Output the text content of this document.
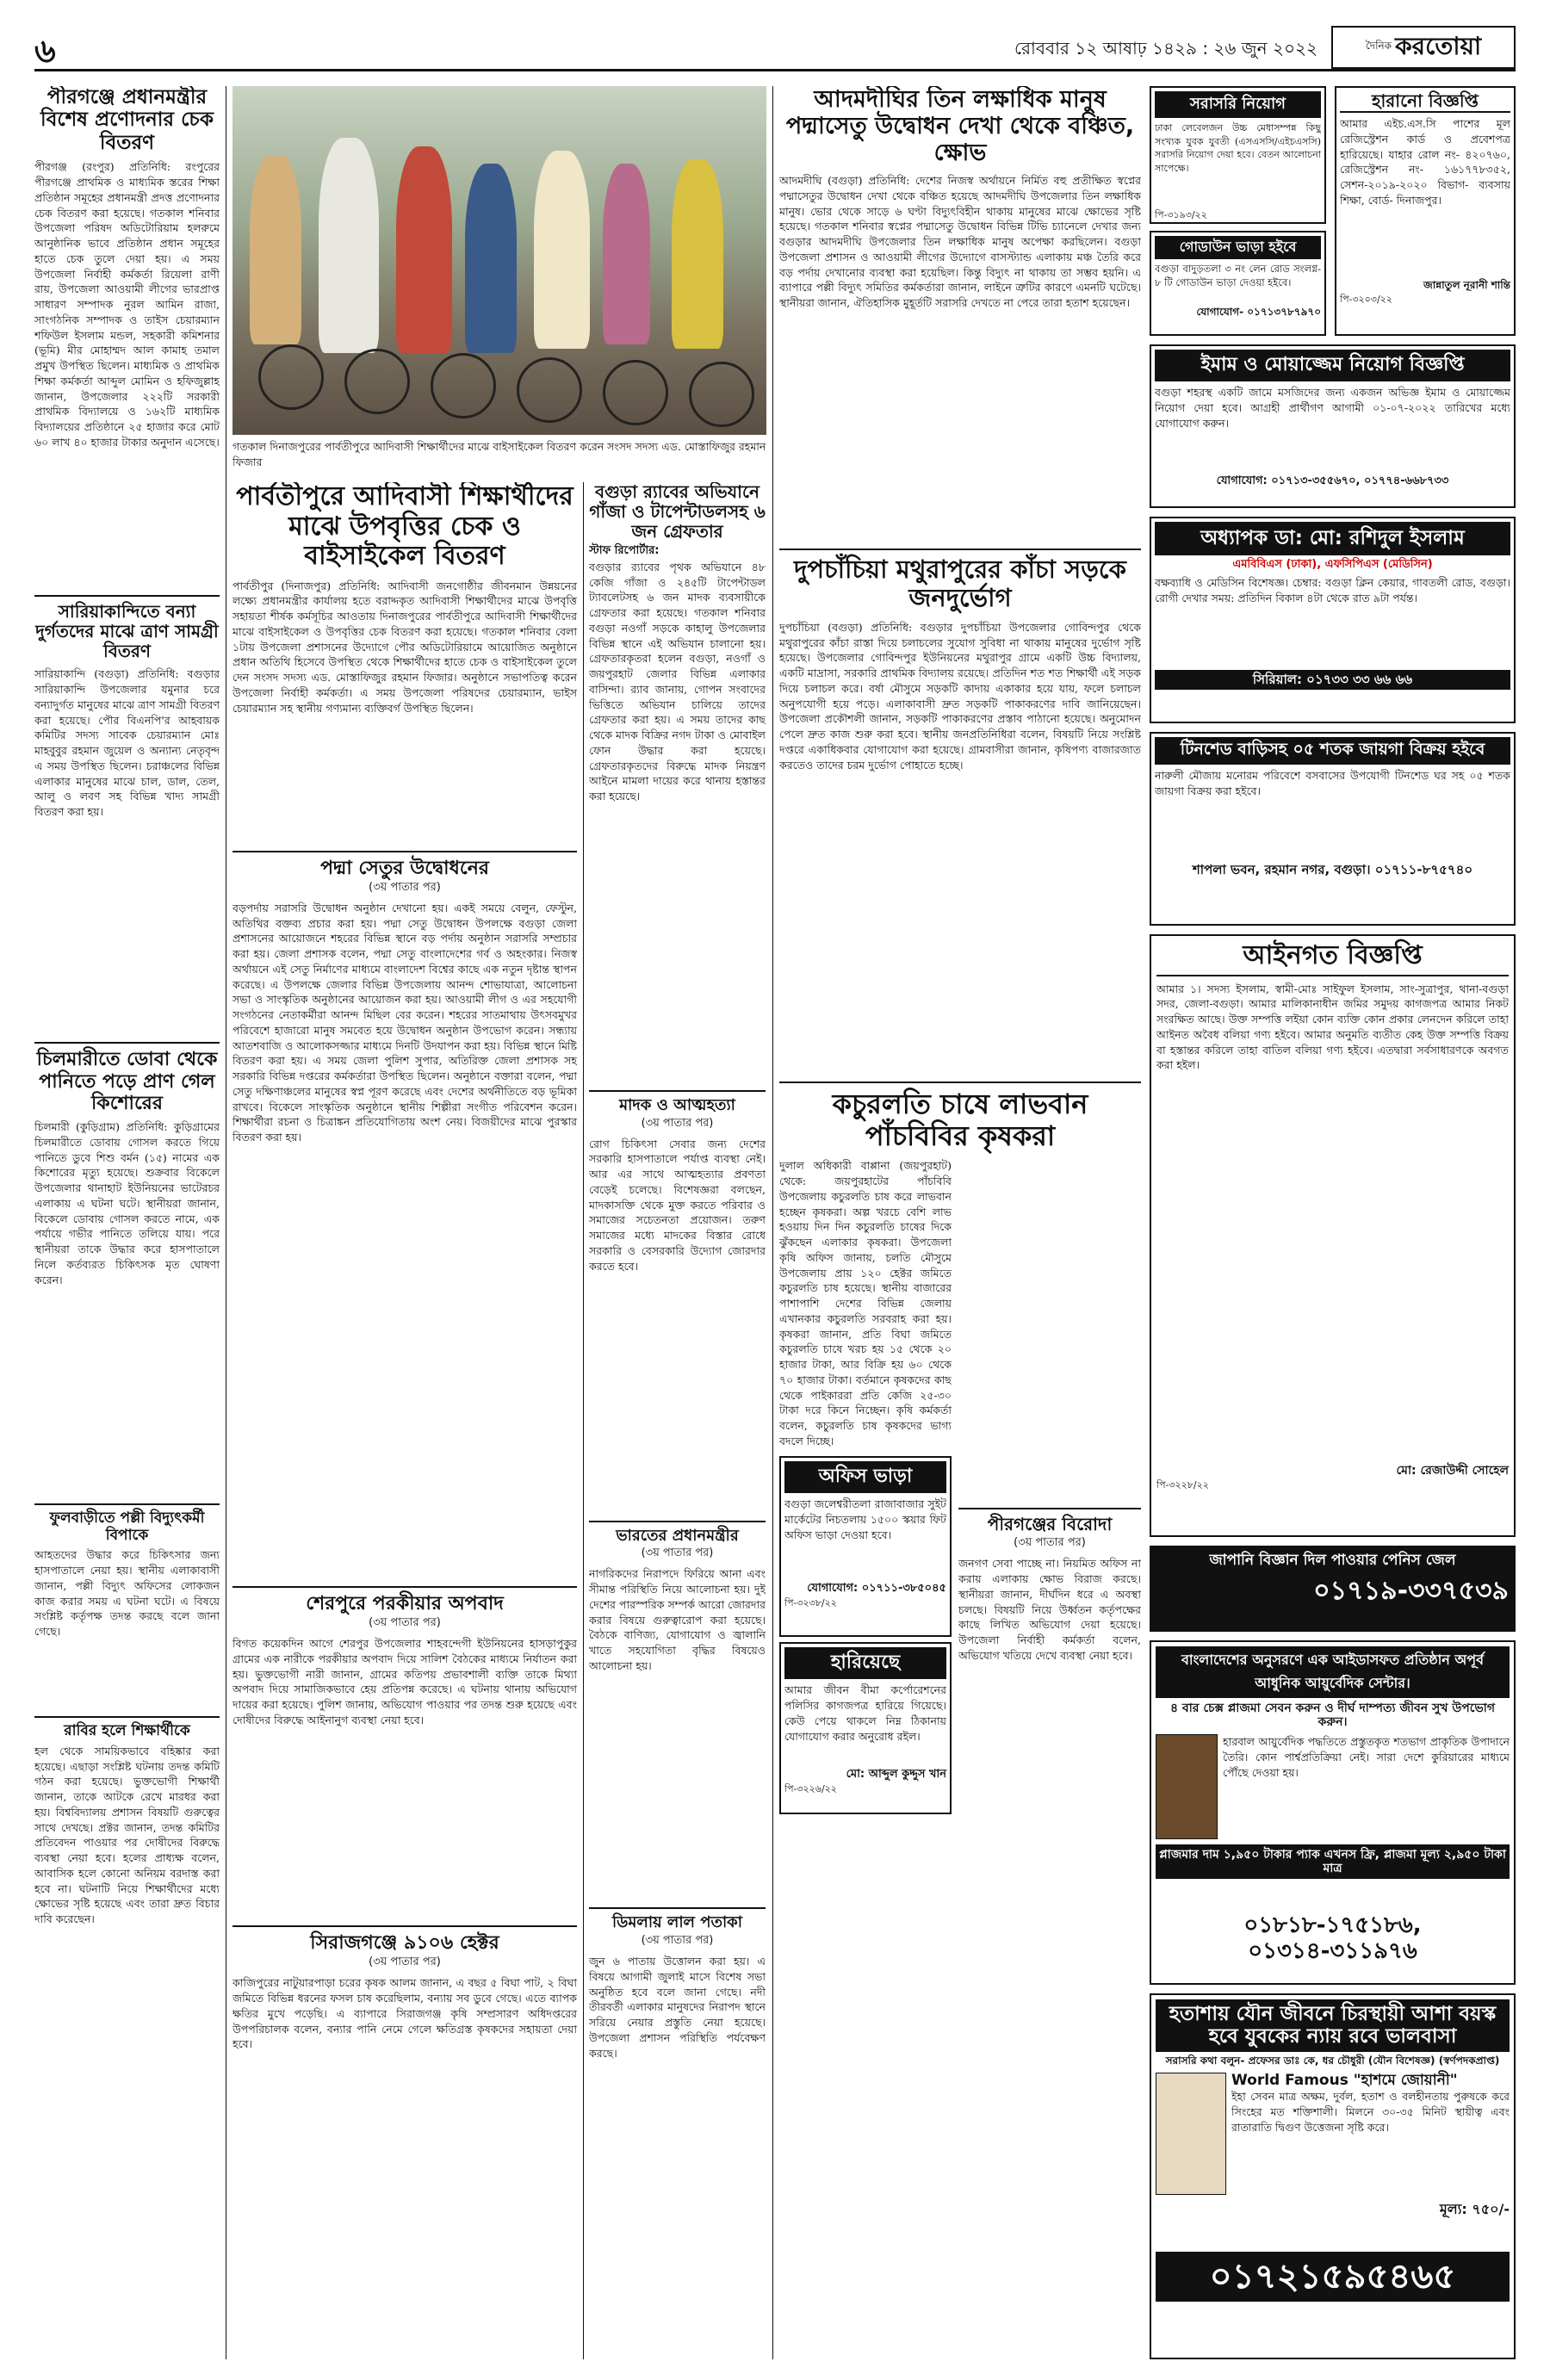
৬	রোববার ১২ আষাঢ় ১৪২৯ : ২৬ জুন ২০২২	দৈনিক করতোয়া
পীরগঞ্জে প্রধানমন্ত্রীর বিশেষ প্রণোদনার চেক বিতরণ
পীরগঞ্জ (রংপুর) প্রতিনিধি: রংপুরের পীরগঞ্জে প্রাথমিক ও মাধ্যমিক স্তরের শিক্ষা প্রতিষ্ঠান সমূহের প্রধানমন্ত্রী প্রদত্ত প্রণোদনার চেক বিতরণ করা হয়েছে। গতকাল শনিবার উপজেলা পরিষদ অডিটোরিয়াম হলরুমে আনুষ্ঠানিক ভাবে প্রতিষ্ঠান প্রধান সমূহের হাতে চেক তুলে দেয়া হয়। এ সময় উপজেলা নির্বাহী কর্মকর্তা রিয়েলা রাণী রায়, উপজেলা আওয়ামী লীগের ভারপ্রাপ্ত সাধারণ সম্পাদক নুরল আমিন রাজা, সাংগঠনিক সম্পাদক ও তাইস চেয়ারম্যান শফিউল ইসলাম মন্ডল, সহকারী কমিশনার (ভূমি) মীর মোহাম্মদ আল কামাহ তমাল প্রমুখ উপস্থিত ছিলেন। মাধ্যমিক ও প্রাথমিক শিক্ষা কর্মকর্তা আব্দুল মোমিন ও হফিজুল্লাহ জানান, উপজেলার ২২২টি সরকারী প্রাথমিক বিদ্যালয়ে ও ১৬২টি মাধ্যমিক বিদ্যালয়ের প্রতিষ্ঠানে ২৫ হাজার করে মোট ৬০ লাখ ৪০ হাজার টাকার অনুদান এসেছে।
সারিয়াকান্দিতে বন্যা দুর্গতদের মাঝে ত্রাণ সামগ্রী বিতরণ
সারিয়াকান্দি (বগুড়া) প্রতিনিধি: বগুড়ার সারিয়াকান্দি উপজেলার যমুনার চরে বন্যাদুর্গত মানুষের মাঝে ত্রাণ সামগ্রী বিতরণ করা হয়েছে। পৌর বিএনপি'র আহবায়ক কমিটির সদস্য সাবেক চেয়ারম্যান মোঃ মাহবুবুর রহমান জুয়েল ও অন্যান্য নেতৃবৃন্দ এ সময় উপস্থিত ছিলেন। চরাঞ্চলের বিভিন্ন এলাকার মানুষের মাঝে চাল, ডাল, তেল, আলু ও লবণ সহ বিভিন্ন খাদ্য সামগ্রী বিতরণ করা হয়।
চিলমারীতে ডোবা থেকে পানিতে পড়ে প্রাণ গেল কিশোরের
চিলমারী (কুড়িগ্রাম) প্রতিনিধি: কুড়িগ্রামের চিলমারীতে ডোবায় গোসল করতে গিয়ে পানিতে ডুবে শিশু বর্মন (১৫) নামের এক কিশোরের মৃত্যু হয়েছে। শুক্রবার বিকেলে উপজেলার থানাহাট ইউনিয়নের ভাটেরচর এলাকায় এ ঘটনা ঘটে। স্থানীয়রা জানান, বিকেলে ডোবায় গোসল করতে নামে, এক পর্যায়ে গভীর পানিতে তলিয়ে যায়। পরে স্থানীয়রা তাকে উদ্ধার করে হাসপাতালে নিলে কর্তব্যরত চিকিৎসক মৃত ঘোষণা করেন।
ফুলবাড়ীতে পল্লী বিদ্যুৎকর্মী বিপাকে
আহতদের উদ্ধার করে চিকিৎসার জন্য হাসপাতালে নেয়া হয়। স্থানীয় এলাকাবাসী জানান, পল্লী বিদ্যুৎ অফিসের লোকজন কাজ করার সময় এ ঘটনা ঘটে। এ বিষয়ে সংশ্লিষ্ট কর্তৃপক্ষ তদন্ত করছে বলে জানা গেছে।
রাবির হলে শিক্ষার্থীকে
হল থেকে সাময়িকভাবে বহিষ্কার করা হয়েছে। এছাড়া সংশ্লিষ্ট ঘটনায় তদন্ত কমিটি গঠন করা হয়েছে। ভুক্তভোগী শিক্ষার্থী জানান, তাকে আটকে রেখে মারধর করা হয়। বিশ্ববিদ্যালয় প্রশাসন বিষয়টি গুরুত্বের সাথে দেখছে। প্রক্টর জানান, তদন্ত কমিটির প্রতিবেদন পাওয়ার পর দোষীদের বিরুদ্ধে ব্যবস্থা নেয়া হবে। হলের প্রাধ্যক্ষ বলেন, আবাসিক হলে কোনো অনিয়ম বরদাস্ত করা হবে না। ঘটনাটি নিয়ে শিক্ষার্থীদের মধ্যে ক্ষোভের সৃষ্টি হয়েছে এবং তারা দ্রুত বিচার দাবি করেছেন।
গতকাল দিনাজপুরের পার্বতীপুরে আদিবাসী শিক্ষার্থীদের মাঝে বাইসাইকেল বিতরণ করেন সংসদ সদস্য এড. মোস্তাফিজুর রহমান ফিজার
পার্বতীপুরে আদিবাসী শিক্ষার্থীদের মাঝে উপবৃত্তির চেক ও বাইসাইকেল বিতরণ
পার্বতীপুর (দিনাজপুর) প্রতিনিধি: আদিবাসী জনগোষ্ঠীর জীবনমান উন্নয়নের লক্ষ্যে প্রধানমন্ত্রীর কার্যালয় হতে বরাদ্দকৃত আদিবাসী শিক্ষার্থীদের মাঝে উপবৃত্তি সহায়তা শীর্ষক কর্মসূচির আওতায় দিনাজপুরের পার্বতীপুরে আদিবাসী শিক্ষার্থীদের মাঝে বাইসাইকেল ও উপবৃত্তির চেক বিতরণ করা হয়েছে। গতকাল শনিবার বেলা ১টায় উপজেলা প্রশাসনের উদ্যোগে পৌর অডিটোরিয়ামে আয়োজিত অনুষ্ঠানে প্রধান অতিথি হিসেবে উপস্থিত থেকে শিক্ষার্থীদের হাতে চেক ও বাইসাইকেল তুলে দেন সংসদ সদস্য এড. মোস্তাফিজুর রহমান ফিজার। অনুষ্ঠানে সভাপতিত্ব করেন উপজেলা নির্বাহী কর্মকর্তা। এ সময় উপজেলা পরিষদের চেয়ারম্যান, ভাইস চেয়ারম্যান সহ স্থানীয় গণ্যমান্য ব্যক্তিবর্গ উপস্থিত ছিলেন।
পদ্মা সেতুর উদ্বোধনের
(৩য় পাতার পর)
বড়পর্দায় সরাসরি উদ্বোধন অনুষ্ঠান দেখানো হয়। একই সময়ে বেলুন, ফেস্টুন, অতিথির বক্তব্য প্রচার করা হয়। পদ্মা সেতু উদ্বোধন উপলক্ষে বগুড়া জেলা প্রশাসনের আয়োজনে শহরের বিভিন্ন স্থানে বড় পর্দায় অনুষ্ঠান সরাসরি সম্প্রচার করা হয়। জেলা প্রশাসক বলেন, পদ্মা সেতু বাংলাদেশের গর্ব ও অহংকার। নিজস্ব অর্থায়নে এই সেতু নির্মাণের মাধ্যমে বাংলাদেশ বিশ্বের কাছে এক নতুন দৃষ্টান্ত স্থাপন করেছে। এ উপলক্ষে জেলার বিভিন্ন উপজেলায় আনন্দ শোভাযাত্রা, আলোচনা সভা ও সাংস্কৃতিক অনুষ্ঠানের আয়োজন করা হয়। আওয়ামী লীগ ও এর সহযোগী সংগঠনের নেতাকর্মীরা আনন্দ মিছিল বের করেন। শহরের সাতমাথায় উৎসবমুখর পরিবেশে হাজারো মানুষ সমবেত হয়ে উদ্বোধন অনুষ্ঠান উপভোগ করেন। সন্ধ্যায় আতশবাজি ও আলোকসজ্জার মাধ্যমে দিনটি উদযাপন করা হয়। বিভিন্ন স্থানে মিষ্টি বিতরণ করা হয়। এ সময় জেলা পুলিশ সুপার, অতিরিক্ত জেলা প্রশাসক সহ সরকারি বিভিন্ন দপ্তরের কর্মকর্তারা উপস্থিত ছিলেন। অনুষ্ঠানে বক্তারা বলেন, পদ্মা সেতু দক্ষিণাঞ্চলের মানুষের স্বপ্ন পূরণ করেছে এবং দেশের অর্থনীতিতে বড় ভূমিকা রাখবে। বিকেলে সাংস্কৃতিক অনুষ্ঠানে স্থানীয় শিল্পীরা সংগীত পরিবেশন করেন। শিক্ষার্থীরা রচনা ও চিত্রাঙ্কন প্রতিযোগিতায় অংশ নেয়। বিজয়ীদের মাঝে পুরস্কার বিতরণ করা হয়।
শেরপুরে পরকীয়ার অপবাদ
(৩য় পাতার পর)
বিগত কয়েকদিন আগে শেরপুর উপজেলার শাহবন্দেগী ইউনিয়নের হাসড়াপুকুর গ্রামের এক নারীকে পরকীয়ার অপবাদ দিয়ে সালিশ বৈঠকের মাধ্যমে নির্যাতন করা হয়। ভুক্তভোগী নারী জানান, গ্রামের কতিপয় প্রভাবশালী ব্যক্তি তাকে মিথ্যা অপবাদ দিয়ে সামাজিকভাবে হেয় প্রতিপন্ন করেছে। এ ঘটনায় থানায় অভিযোগ দায়ের করা হয়েছে। পুলিশ জানায়, অভিযোগ পাওয়ার পর তদন্ত শুরু হয়েছে এবং দোষীদের বিরুদ্ধে আইনানুগ ব্যবস্থা নেয়া হবে।
সিরাজগঞ্জে ৯১০৬ হেক্টর
(৩য় পাতার পর)
কাজিপুরের নাটুয়ারপাড়া চরের কৃষক আলম জানান, এ বছর ৫ বিঘা পাট, ২ বিঘা জমিতে বিভিন্ন ধরনের ফসল চাষ করেছিলাম, বন্যায় সব ডুবে গেছে। এতে ব্যাপক ক্ষতির মুখে পড়েছি। এ ব্যাপারে সিরাজগঞ্জ কৃষি সম্প্রসারণ অধিদপ্তরের উপপরিচালক বলেন, বন্যার পানি নেমে গেলে ক্ষতিগ্রস্ত কৃষকদের সহায়তা দেয়া হবে।
বগুড়া র‌্যাবের অভিযানে গাঁজা ও টাপেন্টাডলসহ ৬ জন গ্রেফতার
স্টাফ রিপোর্টার:
বগুড়ার র‌্যাবের পৃথক অভিযানে ৪৮ কেজি গাঁজা ও ২৪৫টি টাপেন্টাডল ট্যাবলেটসহ ৬ জন মাদক ব্যবসায়ীকে গ্রেফতার করা হয়েছে। গতকাল শনিবার বগুড়া নওগাঁ সড়কে কাহালু উপজেলার বিভিন্ন স্থানে এই অভিযান চালানো হয়। গ্রেফতারকৃতরা হলেন বগুড়া, নওগাঁ ও জয়পুরহাট জেলার বিভিন্ন এলাকার বাসিন্দা। র‌্যাব জানায়, গোপন সংবাদের ভিত্তিতে অভিযান চালিয়ে তাদের গ্রেফতার করা হয়। এ সময় তাদের কাছ থেকে মাদক বিক্রির নগদ টাকা ও মোবাইল ফোন উদ্ধার করা হয়েছে। গ্রেফতারকৃতদের বিরুদ্ধে মাদক নিয়ন্ত্রণ আইনে মামলা দায়ের করে থানায় হস্তান্তর করা হয়েছে।
মাদক ও আত্মহত্যা
(৩য় পাতার পর)
রোগ চিকিৎসা সেবার জন্য দেশের সরকারি হাসপাতালে পর্যাপ্ত ব্যবস্থা নেই। আর এর সাথে আত্মহত্যার প্রবণতা বেড়েই চলেছে। বিশেষজ্ঞরা বলছেন, মাদকাসক্তি থেকে মুক্ত করতে পরিবার ও সমাজের সচেতনতা প্রয়োজন। তরুণ সমাজের মধ্যে মাদকের বিস্তার রোধে সরকারি ও বেসরকারি উদ্যোগ জোরদার করতে হবে।
ভারতের প্রধানমন্ত্রীর
(৩য় পাতার পর)
নাগরিকদের নিরাপদে ফিরিয়ে আনা এবং সীমান্ত পরিস্থিতি নিয়ে আলোচনা হয়। দুই দেশের পারস্পরিক সম্পর্ক আরো জোরদার করার বিষয়ে গুরুত্বারোপ করা হয়েছে। বৈঠকে বাণিজ্য, যোগাযোগ ও জ্বালানি খাতে সহযোগিতা বৃদ্ধির বিষয়েও আলোচনা হয়।
ডিমলায় লাল পতাকা
(৩য় পাতার পর)
জুন ৬ পাতায় উত্তোলন করা হয়। এ বিষয়ে আগামী জুলাই মাসে বিশেষ সভা অনুষ্ঠিত হবে বলে জানা গেছে। নদী তীরবর্তী এলাকার মানুষদের নিরাপদ স্থানে সরিয়ে নেয়ার প্রস্তুতি নেয়া হয়েছে। উপজেলা প্রশাসন পরিস্থিতি পর্যবেক্ষণ করছে।
আদমদীঘির তিন লক্ষাধিক মানুষ পদ্মাসেতু উদ্বোধন দেখা থেকে বঞ্চিত, ক্ষোভ
আদমদীঘি (বগুড়া) প্রতিনিধি: দেশের নিজস্ব অর্থায়নে নির্মিত বহু প্রতীক্ষিত স্বপ্নের পদ্মাসেতুর উদ্বোধন দেখা থেকে বঞ্চিত হয়েছে আদমদীঘি উপজেলার তিন লক্ষাধিক মানুষ। ভোর থেকে সাড়ে ৬ ঘণ্টা বিদ্যুৎবিহীন থাকায় মানুষের মাঝে ক্ষোভের সৃষ্টি হয়েছে। গতকাল শনিবার স্বপ্নের পদ্মাসেতু উদ্বোধন বিভিন্ন টিভি চ্যানেলে দেখার জন্য বগুড়ার আদমদীঘি উপজেলার তিন লক্ষাধিক মানুষ অপেক্ষা করছিলেন। বগুড়া উপজেলা প্রশাসন ও আওয়ামী লীগের উদ্যোগে বাসস্ট্যান্ড এলাকায় মঞ্চ তৈরি করে বড় পর্দায় দেখানোর ব্যবস্থা করা হয়েছিল। কিন্তু বিদ্যুৎ না থাকায় তা সম্ভব হয়নি। এ ব্যাপারে পল্লী বিদ্যুৎ সমিতির কর্মকর্তারা জানান, লাইনে ত্রুটির কারণে এমনটি ঘটেছে। স্থানীয়রা জানান, ঐতিহাসিক মুহূর্তটি সরাসরি দেখতে না পেরে তারা হতাশ হয়েছেন।
দুপচাঁচিয়া মথুরাপুরের কাঁচা সড়কে জনদুর্ভোগ
দুপচাঁচিয়া (বগুড়া) প্রতিনিধি: বগুড়ার দুপচাঁচিয়া উপজেলার গোবিন্দপুর থেকে মথুরাপুরের কাঁচা রাস্তা দিয়ে চলাচলের সুযোগ সুবিধা না থাকায় মানুষের দুর্ভোগ সৃষ্টি হয়েছে। উপজেলার গোবিন্দপুর ইউনিয়নের মথুরাপুর গ্রামে একটি উচ্চ বিদ্যালয়, একটি মাদ্রাসা, সরকারি প্রাথমিক বিদ্যালয় রয়েছে। প্রতিদিন শত শত শিক্ষার্থী এই সড়ক দিয়ে চলাচল করে। বর্ষা মৌসুমে সড়কটি কাদায় একাকার হয়ে যায়, ফলে চলাচল অনুপযোগী হয়ে পড়ে। এলাকাবাসী দ্রুত সড়কটি পাকাকরণের দাবি জানিয়েছেন। উপজেলা প্রকৌশলী জানান, সড়কটি পাকাকরণের প্রস্তাব পাঠানো হয়েছে। অনুমোদন পেলে দ্রুত কাজ শুরু করা হবে। স্থানীয় জনপ্রতিনিধিরা বলেন, বিষয়টি নিয়ে সংশ্লিষ্ট দপ্তরে একাধিকবার যোগাযোগ করা হয়েছে। গ্রামবাসীরা জানান, কৃষিপণ্য বাজারজাত করতেও তাদের চরম দুর্ভোগ পোহাতে হচ্ছে।
কচুরলতি চাষে লাভবান পাঁচবিবির কৃষকরা
দুলাল অধিকারী বাপ্পানা (জয়পুরহাট) থেকে: জয়পুরহাটের পাঁচবিবি উপজেলায় কচুরলতি চাষ করে লাভবান হচ্ছেন কৃষকরা। অল্প খরচে বেশি লাভ হওয়ায় দিন দিন কচুরলতি চাষের দিকে ঝুঁকছেন এলাকার কৃষকরা। উপজেলা কৃষি অফিস জানায়, চলতি মৌসুমে উপজেলায় প্রায় ১২০ হেক্টর জমিতে কচুরলতি চাষ হয়েছে। স্থানীয় বাজারের পাশাপাশি দেশের বিভিন্ন জেলায় এখানকার কচুরলতি সরবরাহ করা হয়। কৃষকরা জানান, প্রতি বিঘা জমিতে কচুরলতি চাষে খরচ হয় ১৫ থেকে ২০ হাজার টাকা, আর বিক্রি হয় ৬০ থেকে ৭০ হাজার টাকা। বর্তমানে কৃষকদের কাছ থেকে পাইকাররা প্রতি কেজি ২৫-৩০ টাকা দরে কিনে নিচ্ছেন। কৃষি কর্মকর্তা বলেন, কচুরলতি চাষ কৃষকদের ভাগ্য বদলে দিচ্ছে।
অফিস ভাড়া
বগুড়া জলেশ্বরীতলা রাজাবাজার সুইট মার্কেটের নিচতলায় ১৫০০ স্কয়ার ফিট অফিস ভাড়া দেওয়া হবে।
যোগাযোগ: ০১৭১১-৩৮৫০৪৫
পি-৩২৩৮/২২
হারিয়েছে
আমার জীবন বীমা কর্পোরেশনের পলিসির কাগজপত্র হারিয়ে গিয়েছে। কেউ পেয়ে থাকলে নিম্ন ঠিকানায় যোগাযোগ করার অনুরোধ রইল।
মো: আব্দুল কুদ্দুস খান
পি-৩২২৬/২২
পীরগঞ্জের বিরোদা
(৩য় পাতার পর)
জনগণ সেবা পাচ্ছে না। নিয়মিত অফিস না করায় এলাকায় ক্ষোভ বিরাজ করছে। স্থানীয়রা জানান, দীর্ঘদিন ধরে এ অবস্থা চলছে। বিষয়টি নিয়ে উর্ধ্বতন কর্তৃপক্ষের কাছে লিখিত অভিযোগ দেয়া হয়েছে। উপজেলা নির্বাহী কর্মকর্তা বলেন, অভিযোগ খতিয়ে দেখে ব্যবস্থা নেয়া হবে।
সরাসরি নিয়োগ
ঢাকা লেবেলজন উচ্চ মেধাসম্পন্ন কিছু সংখ্যক যুবক যুবতী (এসএসসি/এইচএসসি) সরাসরি নিয়োগ দেয়া হবে। বেতন আলোচনা সাপেক্ষে।
পি-৩১৯৩/২২
হারানো বিজ্ঞপ্তি
আমার এইচ.এস.সি পাশের মূল রেজিস্ট্রেশন কার্ড ও প্রবেশপত্র হারিয়েছে। যাহার রোল নং- ৪২০৭৬০, রেজিস্ট্রেশন নং- ১৬১৭৭৮৩৫২, সেশন-২০১৯-২০২০ বিভাগ- ব্যবসায় শিক্ষা, বোর্ড- দিনাজপুর।
জান্নাতুল নূরানী শান্তি
পি-৩২০৩/২২
গোডাউন ভাড়া হইবে
বগুড়া বাদুড়তলা ৩ নং লেন রোড সংলগ্ন- ৮ টি গোডাউন ভাড়া দেওয়া হইবে।
যোগাযোগ- ০১৭১৩৭৮৭৯৭০
ইমাম ও মোয়াজ্জেম নিয়োগ বিজ্ঞপ্তি
বগুড়া শহরস্থ একটি জামে মসজিদের জন্য একজন অভিজ্ঞ ইমাম ও মোয়াজ্জেম নিয়োগ দেয়া হবে। আগ্রহী প্রার্থীগণ আগামী ০১-০৭-২০২২ তারিখের মধ্যে যোগাযোগ করুন।
যোগাযোগ: ০১৭১৩-৩৫৫৬৭০, ০১৭৭৪-৬৬৮৭৩৩
অধ্যাপক ডা: মো: রশিদুল ইসলাম
এমবিবিএস (ঢাকা), এফসিপিএস (মেডিসিন)
বক্ষব্যাধি ও মেডিসিন বিশেষজ্ঞ। চেম্বার: বগুড়া ক্লিন কেয়ার, গাবতলী রোড, বগুড়া। রোগী দেখার সময়: প্রতিদিন বিকাল ৪টা থেকে রাত ৯টা পর্যন্ত।
সিরিয়াল: ০১৭৩৩ ৩৩ ৬৬ ৬৬
টিনশেড বাড়িসহ ০৫ শতক জায়গা বিক্রয় হইবে
নারুলী মৌজায় মনোরম পরিবেশে বসবাসের উপযোগী টিনশেড ঘর সহ ০৫ শতক জায়গা বিক্রয় করা হইবে।
শাপলা ভবন, রহমান নগর, বগুড়া। ০১৭১১-৮৭৫৭৪০
আইনগত বিজ্ঞপ্তি
আমার ১। সদস্য ইসলাম, স্বামী-মোঃ সাইফুল ইসলাম, সাং-সুত্রাপুর, থানা-বগুড়া সদর, জেলা-বগুড়া। আমার মালিকানাধীন জমির সমুদয় কাগজপত্র আমার নিকট সংরক্ষিত আছে। উক্ত সম্পত্তি লইয়া কোন ব্যক্তি কোন প্রকার লেনদেন করিলে তাহা আইনত অবৈধ বলিয়া গণ্য হইবে। আমার অনুমতি ব্যতীত কেহ উক্ত সম্পত্তি বিক্রয় বা হস্তান্তর করিলে তাহা বাতিল বলিয়া গণ্য হইবে। এতদ্বারা সর্বসাধারণকে অবগত করা হইল।
মো: রেজাউদ্দী সোহেল
পি-৩২২৮/২২
জাপানি বিজ্ঞান দিল পাওয়ার পেনিস জেল
০১৭১৯-৩৩৭৫৩৯
বাংলাদেশের অনুসরণে এক আইডাসফত প্রতিষ্ঠান অপূর্ব আধুনিক আয়ুর্বেদিক সেন্টার।
৪ বার চেক্স প্লাজমা সেবন করুন ও দীর্ঘ দাম্পত্য জীবন সুখ উপভোগ করুন।
হারবাল আয়ুর্বেদিক পদ্ধতিতে প্রস্তুতকৃত শতভাগ প্রাকৃতিক উপাদানে তৈরি। কোন পার্শ্বপ্রতিক্রিয়া নেই। সারা দেশে কুরিয়ারের মাধ্যমে পৌঁছে দেওয়া হয়।
প্লাজমার দাম ১,৯৫০ টাকার প্যাক এখনস ফ্রি, প্লাজমা মূল্য ২,৯৫০ টাকা মাত্র
০১৮১৮-১৭৫১৮৬, ০১৩১৪-৩১১৯৭৬
হতাশায় যৌন জীবনে চিরস্থায়ী আশা বয়স্ক হবে যুবকের ন্যায় রবে ভালবাসা
সরাসরি কথা বলুন- প্রফেসর ডাঃ কে, ধর চৌধুরী (যৌন বিশেষজ্ঞ) (স্বর্ণপদকপ্রাপ্ত)
World Famous "হাশমে জোয়ানী"
ইহা সেবন মাত্র অক্ষম, দুর্বল, হতাশ ও বলহীনতায় পুরুষকে করে সিংহের মত শক্তিশালী। মিলনে ৩০-৩৫ মিনিট স্থায়ীত্ব এবং রাতারাতি দ্বিগুণ উত্তেজনা সৃষ্টি করে।
মূল্য: ৭৫০/-
০১৭২১৫৯৫৪৬৫
